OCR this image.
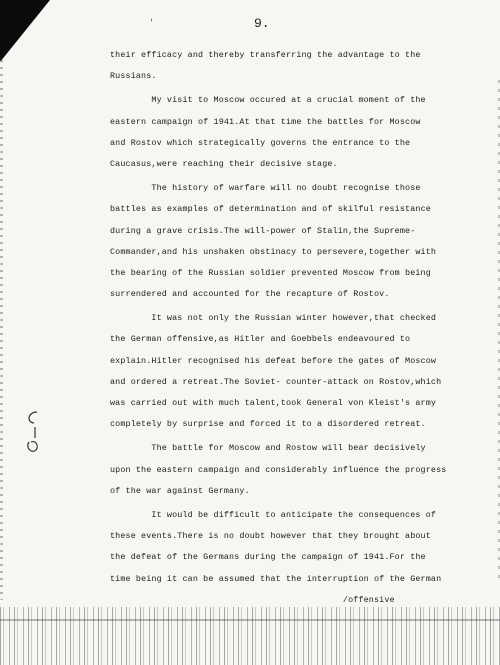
'	9.
their efficacy and thereby transferring the advantage to the
Russians.
My visit to Moscow occured at a crucial moment of the
eastern campaign of 1941.At that time the battles for Moscow
and Rostov which strategically governs the entrance to the
Caucasus,were reaching their decisive stage.
The history of warfare will no doubt recognise those
battles as examples of determination and of skilful resistance
during a grave crisis.The will-power of Stalin,the Supreme-
Commander,and his unshaken obstinacy to persevere,together with
the bearing of the Russian soldier prevented Moscow from being
surrendered and accounted for the recapture of Rostov.
It was not only the Russian winter however,that checked
the German offensive,as Hitler and Goebbels endeavoured to
explain.Hitler recognised his defeat before the gates of Moscow
and ordered a retreat.The Soviet- counter-attack on Rostov,which
was carried out with much talent,took General von Kleist's army
completely by surprise and forced it to a disordered retreat.
The battle for Moscow and Rostow will bear decisively
upon the eastern campaign and considerably influence the progress
of the war against Germany.
It would be difficult to anticipate the consequences of
these events.There is no doubt however that they brought about
the defeat of the Germans during the campaign of 1941.For the
time being it can be assumed that the interruption of the German
/offensive
